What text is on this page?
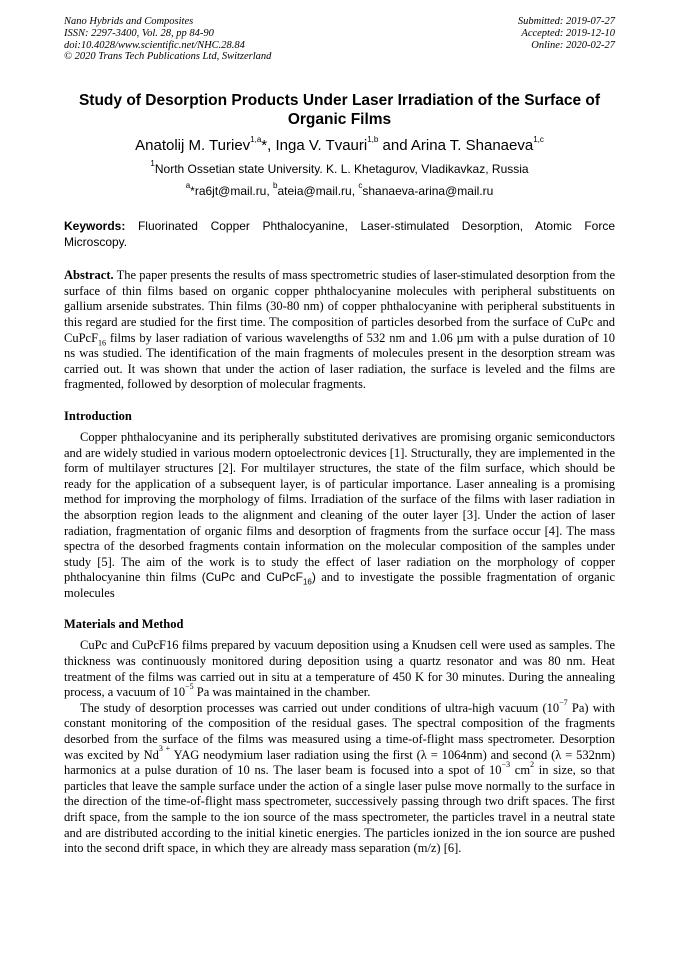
Nano Hybrids and Composites
ISSN: 2297-3400, Vol. 28, pp 84-90
doi:10.4028/www.scientific.net/NHC.28.84
© 2020 Trans Tech Publications Ltd, Switzerland
Submitted: 2019-07-27
Accepted: 2019-12-10
Online: 2020-02-27
Study of Desorption Products Under Laser Irradiation of the Surface of Organic Films
Anatolij M. Turiev$^{1,a}$*, Inga V. Tvauri$^{1,b}$ and Arina T. Shanaeva$^{1,c}$
$^1$North Ossetian state University. K. L. Khetagurov, Vladikavkaz, Russia
$^a$*ra6jt@mail.ru, $^b$ateia@mail.ru, $^c$shanaeva-arina@mail.ru
Keywords: Fluorinated Copper Phthalocyanine, Laser-stimulated Desorption, Atomic Force Microscopy.
Abstract. The paper presents the results of mass spectrometric studies of laser-stimulated desorption from the surface of thin films based on organic copper phthalocyanine molecules with peripheral substituents on gallium arsenide substrates. Thin films (30-80 nm) of copper phthalocyanine with peripheral substituents in this regard are studied for the first time. The composition of particles desorbed from the surface of CuPc and CuPcF$_{16}$ films by laser radiation of various wavelengths of 532 nm and 1.06 µm with a pulse duration of 10 ns was studied. The identification of the main fragments of molecules present in the desorption stream was carried out. It was shown that under the action of laser radiation, the surface is leveled and the films are fragmented, followed by desorption of molecular fragments.
Introduction

Copper phthalocyanine and its peripherally substituted derivatives are promising organic semiconductors and are widely studied in various modern optoelectronic devices [1]. Structurally, they are implemented in the form of multilayer structures [2]. For multilayer structures, the state of the film surface, which should be ready for the application of a subsequent layer, is of particular importance. Laser annealing is a promising method for improving the morphology of films. Irradiation of the surface of the films with laser radiation in the absorption region leads to the alignment and cleaning of the outer layer [3]. Under the action of laser radiation, fragmentation of organic films and desorption of fragments from the surface occur [4]. The mass spectra of the desorbed fragments contain information on the molecular composition of the samples under study [5]. The aim of the work is to study the effect of laser radiation on the morphology of copper phthalocyanine thin films (CuPc and CuPcF$_{16}$) and to investigate the possible fragmentation of organic molecules

Materials and Method

CuPc and CuPcF16 films prepared by vacuum deposition using a Knudsen cell were used as samples. The thickness was continuously monitored during deposition using a quartz resonator and was 80 nm. Heat treatment of the films was carried out in situ at a temperature of 450 K for 30 minutes. During the annealing process, a vacuum of $10^{-5}$ Pa was maintained in the chamber.

The study of desorption processes was carried out under conditions of ultra-high vacuum ($10^{-7}$ Pa) with constant monitoring of the composition of the residual gases. The spectral composition of the fragments desorbed from the surface of the films was measured using a time-of-flight mass spectrometer. Desorption was excited by $Nd^{3 +}$ YAG neodymium laser radiation using the first (λ = 1064nm) and second (λ = 532nm) harmonics at a pulse duration of 10 ns. The laser beam is focused into a spot of $10^{-3}$ $cm^2$ in size, so that particles that leave the sample surface under the action of a single laser pulse move normally to the surface in the direction of the time-of-flight mass spectrometer, successively passing through two drift spaces. The first drift space, from the sample to the ion source of the mass spectrometer, the particles travel in a neutral state and are distributed according to the initial kinetic energies. The particles ionized in the ion source are pushed into the second drift space, in which they are already mass separation (m/z) [6].
